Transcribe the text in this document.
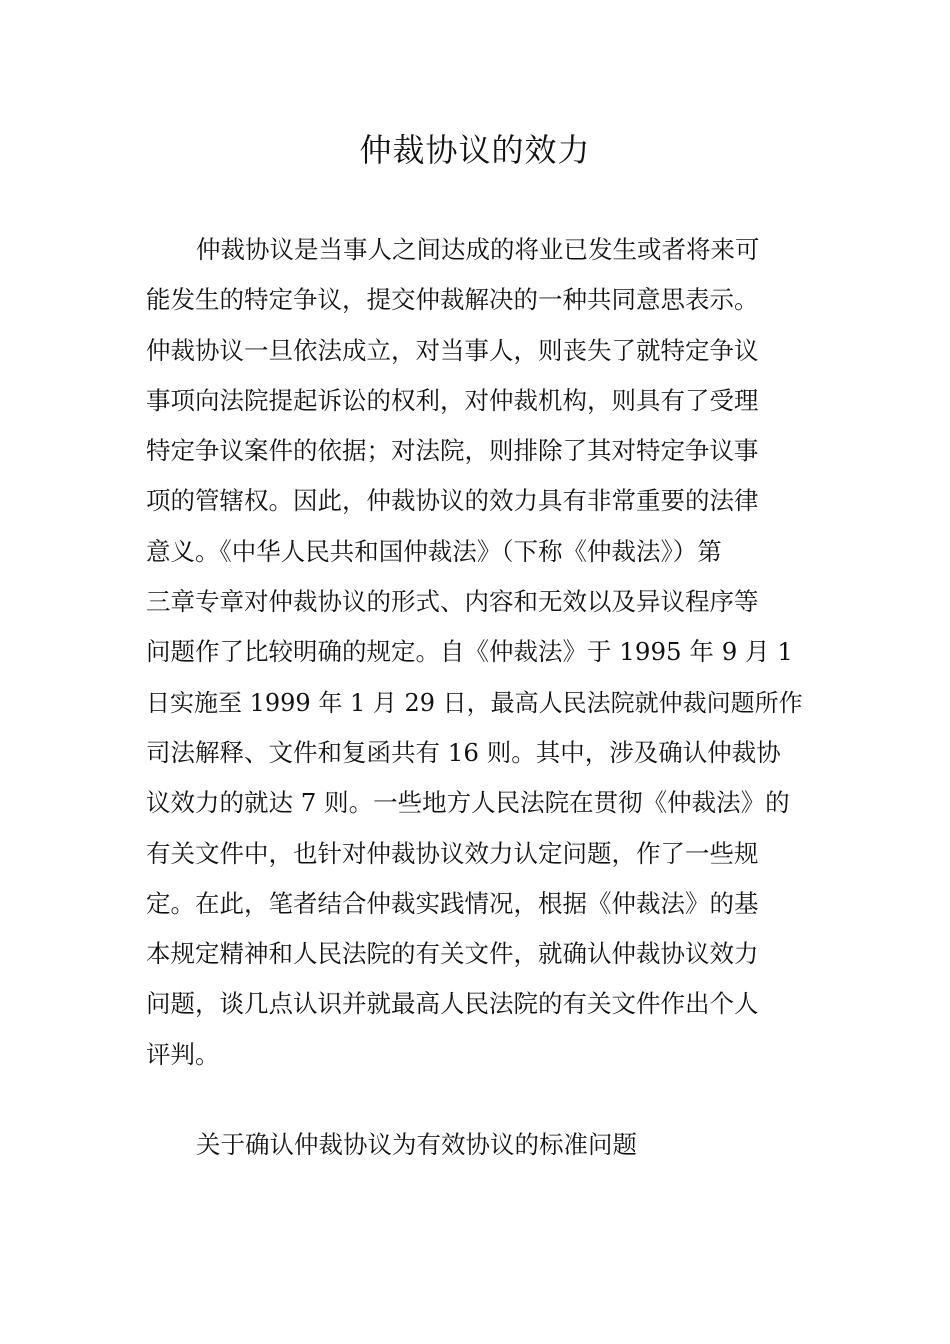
仲裁协议的效力
仲裁协议是当事人之间达成的将业已发生或者将来可
能发生的特定争议，提交仲裁解决的一种共同意思表示。
仲裁协议一旦依法成立，对当事人，则丧失了就特定争议
事项向法院提起诉讼的权利，对仲裁机构，则具有了受理
特定争议案件的依据；对法院，则排除了其对特定争议事
项的管辖权。因此，仲裁协议的效力具有非常重要的法律
意义。《中华人民共和国仲裁法》（下称《仲裁法》）第
三章专章对仲裁协议的形式、内容和无效以及异议程序等
问题作了比较明确的规定。自《仲裁法》于 1995 年 9 月 1
日实施至 1999 年 1 月 29 日，最高人民法院就仲裁问题所作
司法解释、文件和复函共有 16 则。其中，涉及确认仲裁协
议效力的就达 7 则。一些地方人民法院在贯彻《仲裁法》的
有关文件中，也针对仲裁协议效力认定问题，作了一些规
定。在此，笔者结合仲裁实践情况，根据《仲裁法》的基
本规定精神和人民法院的有关文件，就确认仲裁协议效力
问题，谈几点认识并就最高人民法院的有关文件作出个人
评判。
关于确认仲裁协议为有效协议的标准问题
